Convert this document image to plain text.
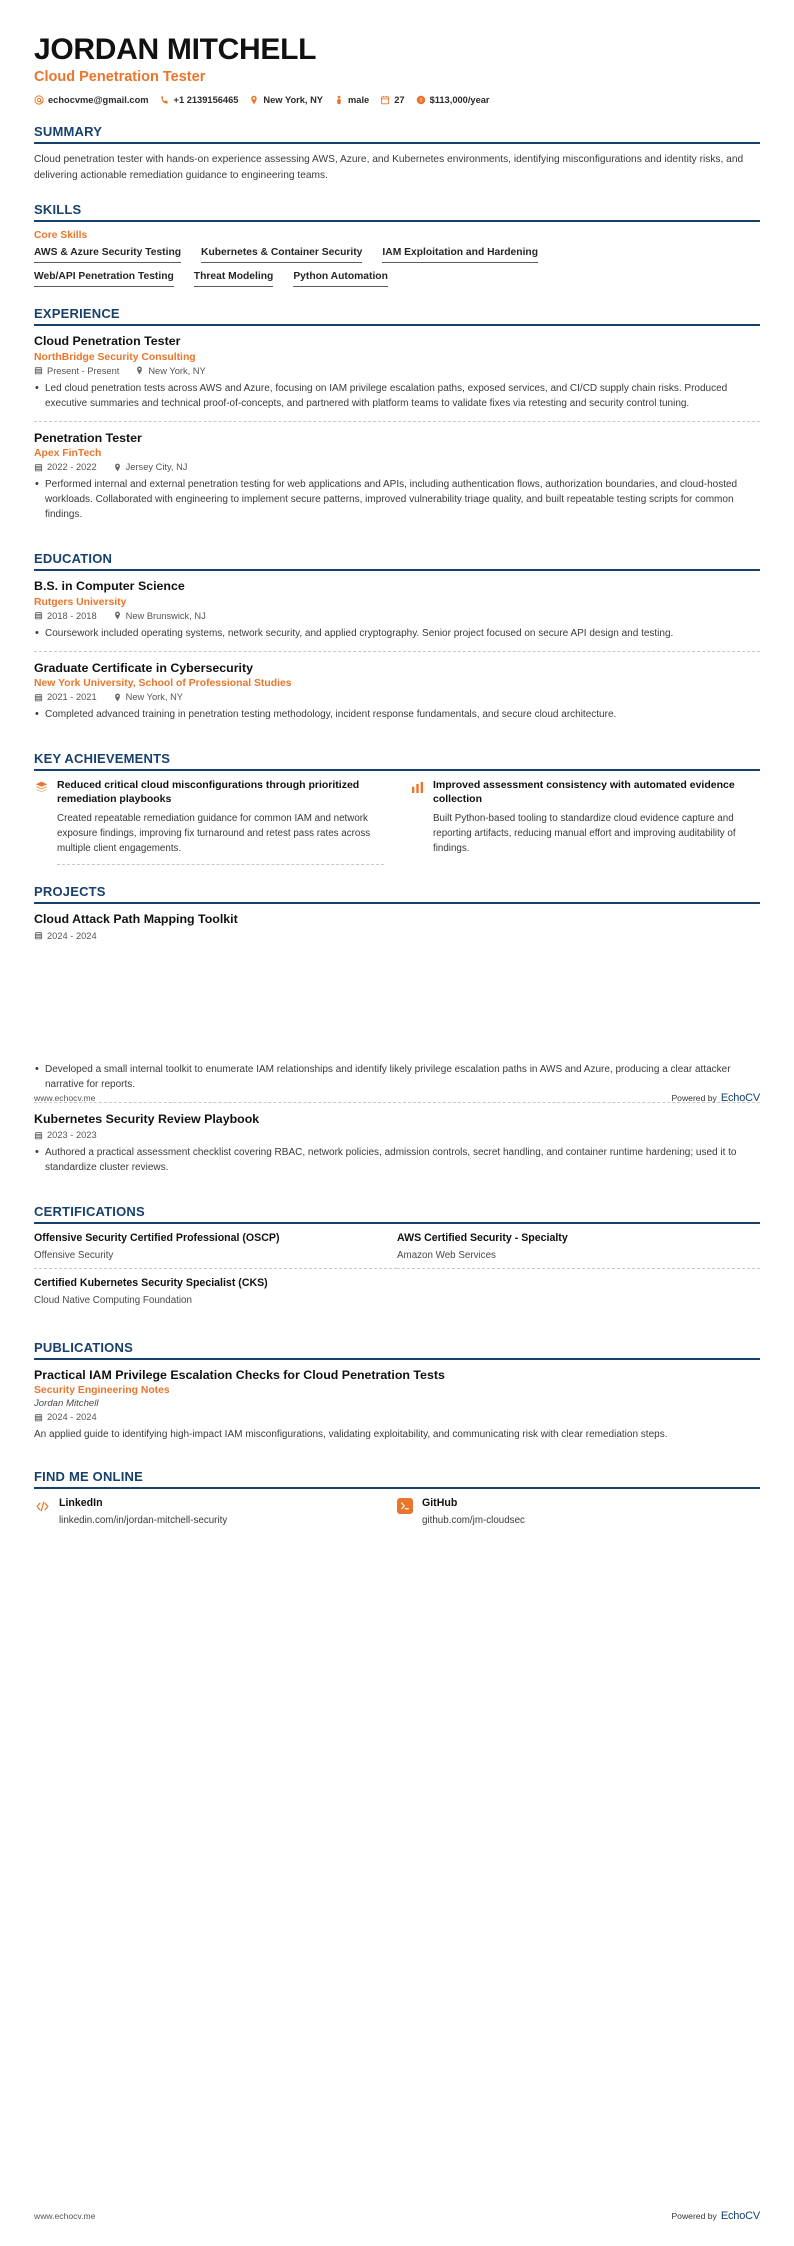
JORDAN MITCHELL
Cloud Penetration Tester
echocvme@gmail.com	+1 2139156465	New York, NY	male	27 ! $113,000/year
SUMMARY
Cloud penetration tester with hands-on experience assessing AWS, Azure, and Kubernetes environments, identifying misconfigurations and identity risks, and delivering actionable remediation guidance to engineering teams.
SKILLS
Core Skills
AWS & Azure Security Testing Kubernetes & Container Security IAM Exploitation and Hardening
Web/API Penetration Testing Threat Modeling Python Automation
EXPERIENCE
Cloud Penetration Tester
NorthBridge Security Consulting
Present - Present	New York, NY
• Led cloud penetration tests across AWS and Azure, focusing on IAM privilege escalation paths, exposed services, and CI/CD supply chain risks. Produced executive summaries and technical proof-of-concepts, and partnered with platform teams to validate fixes via retesting and security control tuning.
Penetration Tester
Apex FinTech
2022 - 2022	Jersey City, NJ
• Performed internal and external penetration testing for web applications and APIs, including authentication flows, authorization boundaries, and cloud-hosted workloads. Collaborated with engineering to implement secure patterns, improved vulnerability triage quality, and built repeatable testing scripts for common findings.
EDUCATION
B.S. in Computer Science
Rutgers University
2018 - 2018	New Brunswick, NJ
• Coursework included operating systems, network security, and applied cryptography. Senior project focused on secure API design and testing.
Graduate Certificate in Cybersecurity
New York University, School of Professional Studies
2021 - 2021	New York, NY
• Completed advanced training in penetration testing methodology, incident response fundamentals, and secure cloud architecture.
KEY ACHIEVEMENTS
Reduced critical cloud misconfigurations through prioritized remediation playbooks
Created repeatable remediation guidance for common IAM and network exposure findings, improving fix turnaround and retest pass rates across multiple client engagements.
Improved assessment consistency with automated evidence collection
Built Python-based tooling to standardize cloud evidence capture and reporting artifacts, reducing manual effort and improving auditability of findings.
PROJECTS
Cloud Attack Path Mapping Toolkit
2024 - 2024
• Developed a small internal toolkit to enumerate IAM relationships and identify likely privilege escalation paths in AWS and Azure, producing a clear attacker narrative for reports.
Kubernetes Security Review Playbook
2023 - 2023
• Authored a practical assessment checklist covering RBAC, network policies, admission controls, secret handling, and container runtime hardening; used it to standardize cluster reviews.
CERTIFICATIONS
Offensive Security Certified Professional (OSCP)
Offensive Security
AWS Certified Security - Specialty
Amazon Web Services
Certified Kubernetes Security Specialist (CKS)
Cloud Native Computing Foundation
PUBLICATIONS
Practical IAM Privilege Escalation Checks for Cloud Penetration Tests
Security Engineering Notes
Jordan Mitchell
2024 - 2024
An applied guide to identifying high-impact IAM misconfigurations, validating exploitability, and communicating risk with clear remediation steps.
FIND ME ONLINE
LinkedIn
linkedin.com/in/jordan-mitchell-security
GitHub
github.com/jm-cloudsec
www.echocv.me	Powered by EchoCV
www.echocv.me	Powered by EchoCV
